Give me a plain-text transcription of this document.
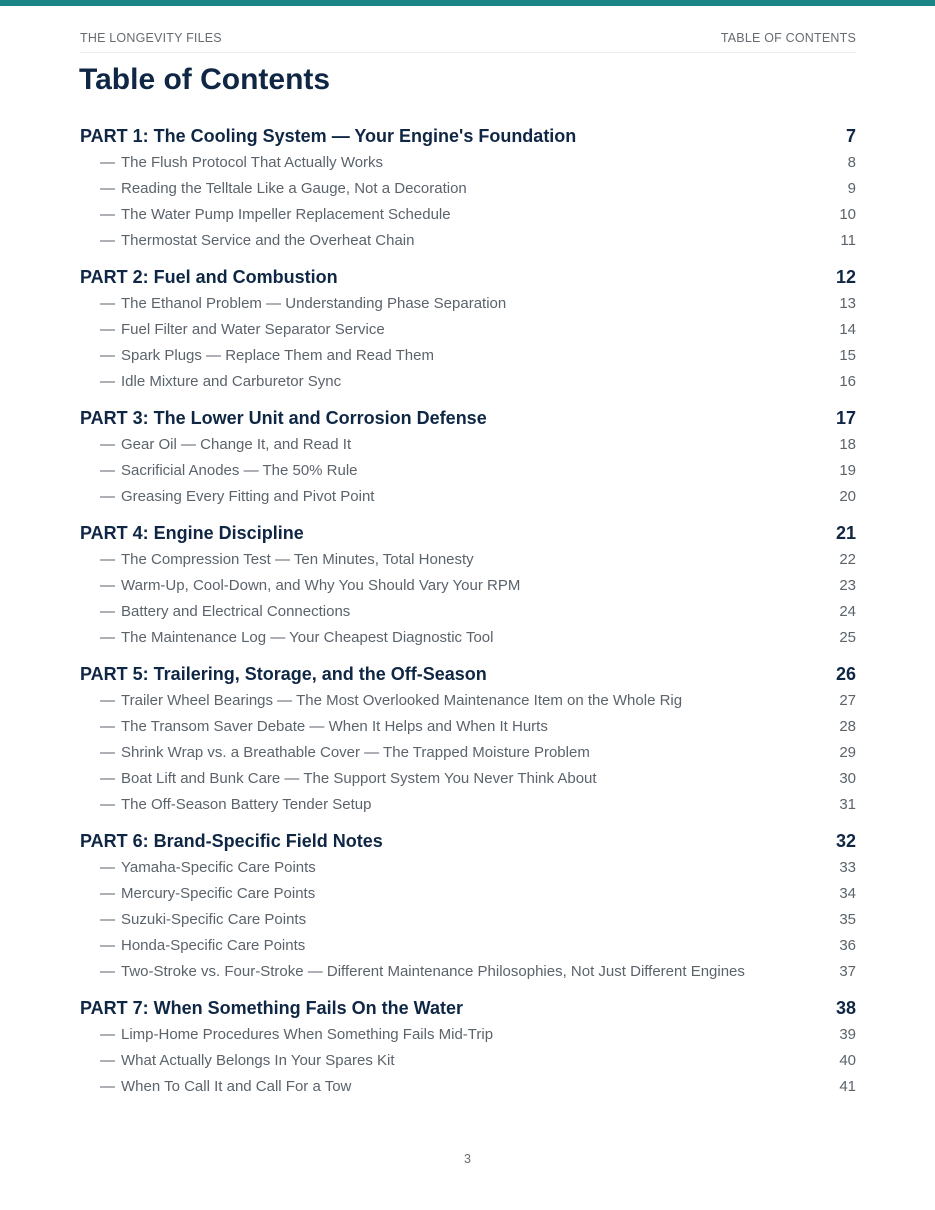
THE LONGEVITY FILES	TABLE OF CONTENTS
Table of Contents
PART 1: The Cooling System — Your Engine's Foundation	7
— The Flush Protocol That Actually Works	8
— Reading the Telltale Like a Gauge, Not a Decoration	9
— The Water Pump Impeller Replacement Schedule	10
— Thermostat Service and the Overheat Chain	11
PART 2: Fuel and Combustion	12
— The Ethanol Problem — Understanding Phase Separation	13
— Fuel Filter and Water Separator Service	14
— Spark Plugs — Replace Them and Read Them	15
— Idle Mixture and Carburetor Sync	16
PART 3: The Lower Unit and Corrosion Defense	17
— Gear Oil — Change It, and Read It	18
— Sacrificial Anodes — The 50% Rule	19
— Greasing Every Fitting and Pivot Point	20
PART 4: Engine Discipline	21
— The Compression Test — Ten Minutes, Total Honesty	22
— Warm-Up, Cool-Down, and Why You Should Vary Your RPM	23
— Battery and Electrical Connections	24
— The Maintenance Log — Your Cheapest Diagnostic Tool	25
PART 5: Trailering, Storage, and the Off-Season	26
— Trailer Wheel Bearings — The Most Overlooked Maintenance Item on the Whole Rig	27
— The Transom Saver Debate — When It Helps and When It Hurts	28
— Shrink Wrap vs. a Breathable Cover — The Trapped Moisture Problem	29
— Boat Lift and Bunk Care — The Support System You Never Think About	30
— The Off-Season Battery Tender Setup	31
PART 6: Brand-Specific Field Notes	32
— Yamaha-Specific Care Points	33
— Mercury-Specific Care Points	34
— Suzuki-Specific Care Points	35
— Honda-Specific Care Points	36
— Two-Stroke vs. Four-Stroke — Different Maintenance Philosophies, Not Just Different Engines	37
PART 7: When Something Fails On the Water	38
— Limp-Home Procedures When Something Fails Mid-Trip	39
— What Actually Belongs In Your Spares Kit	40
— When To Call It and Call For a Tow	41
3
